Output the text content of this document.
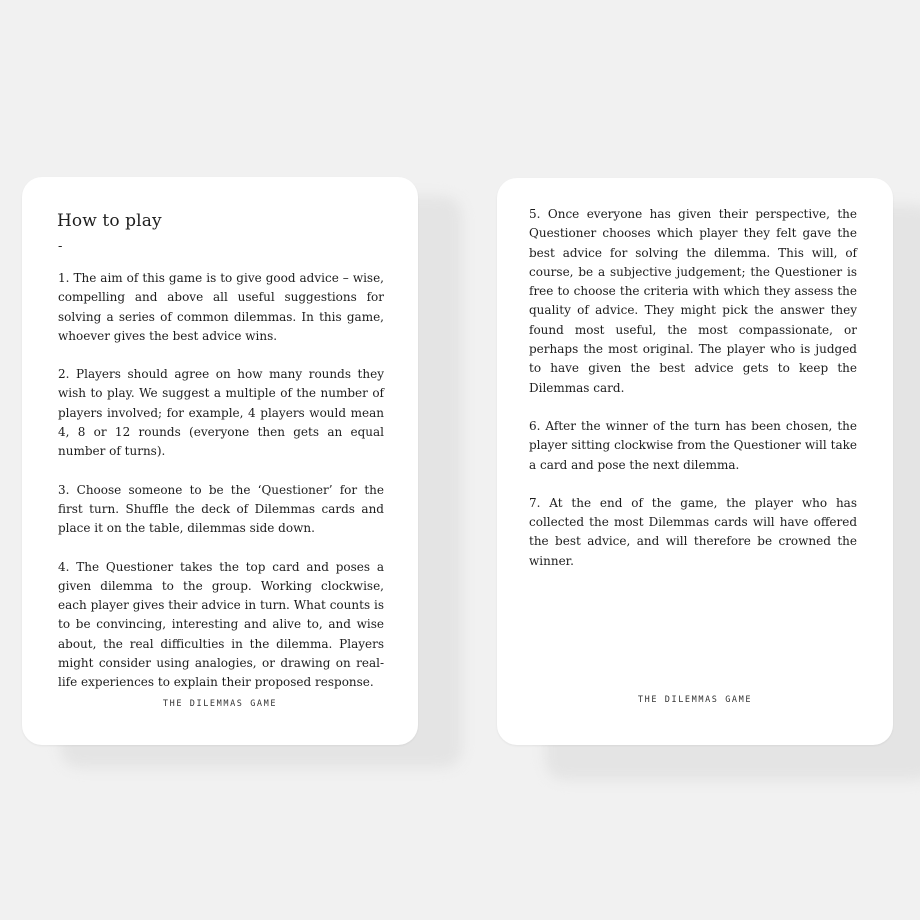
How to play
-

1. The aim of this game is to give good advice – wise, compelling and above all useful suggestions for solving a series of common dilemmas. In this game, whoever gives the best advice wins.

2. Players should agree on how many rounds they wish to play. We suggest a multiple of the number of players involved; for example, 4 players would mean 4, 8 or 12 rounds (everyone then gets an equal number of turns).

3. Choose someone to be the ‘Questioner’ for the first turn. Shuffle the deck of Dilemmas cards and place it on the table, dilemmas side down.

4. The Questioner takes the top card and poses a given dilemma to the group. Working clockwise, each player gives their advice in turn. What counts is to be convincing, interesting and alive to, and wise about, the real difficulties in the dilemma. Players might consider using analogies, or drawing on real-life experiences to explain their proposed response.

THE DILEMMAS GAME

5. Once everyone has given their perspective, the Questioner chooses which player they felt gave the best advice for solving the dilemma. This will, of course, be a subjective judgement; the Questioner is free to choose the criteria with which they assess the quality of advice. They might pick the answer they found most useful, the most compassionate, or perhaps the most original. The player who is judged to have given the best advice gets to keep the Dilemmas card.

6. After the winner of the turn has been chosen, the player sitting clockwise from the Questioner will take a card and pose the next dilemma.

7. At the end of the game, the player who has collected the most Dilemmas cards will have offered the best advice, and will therefore be crowned the winner.

THE DILEMMAS GAME
